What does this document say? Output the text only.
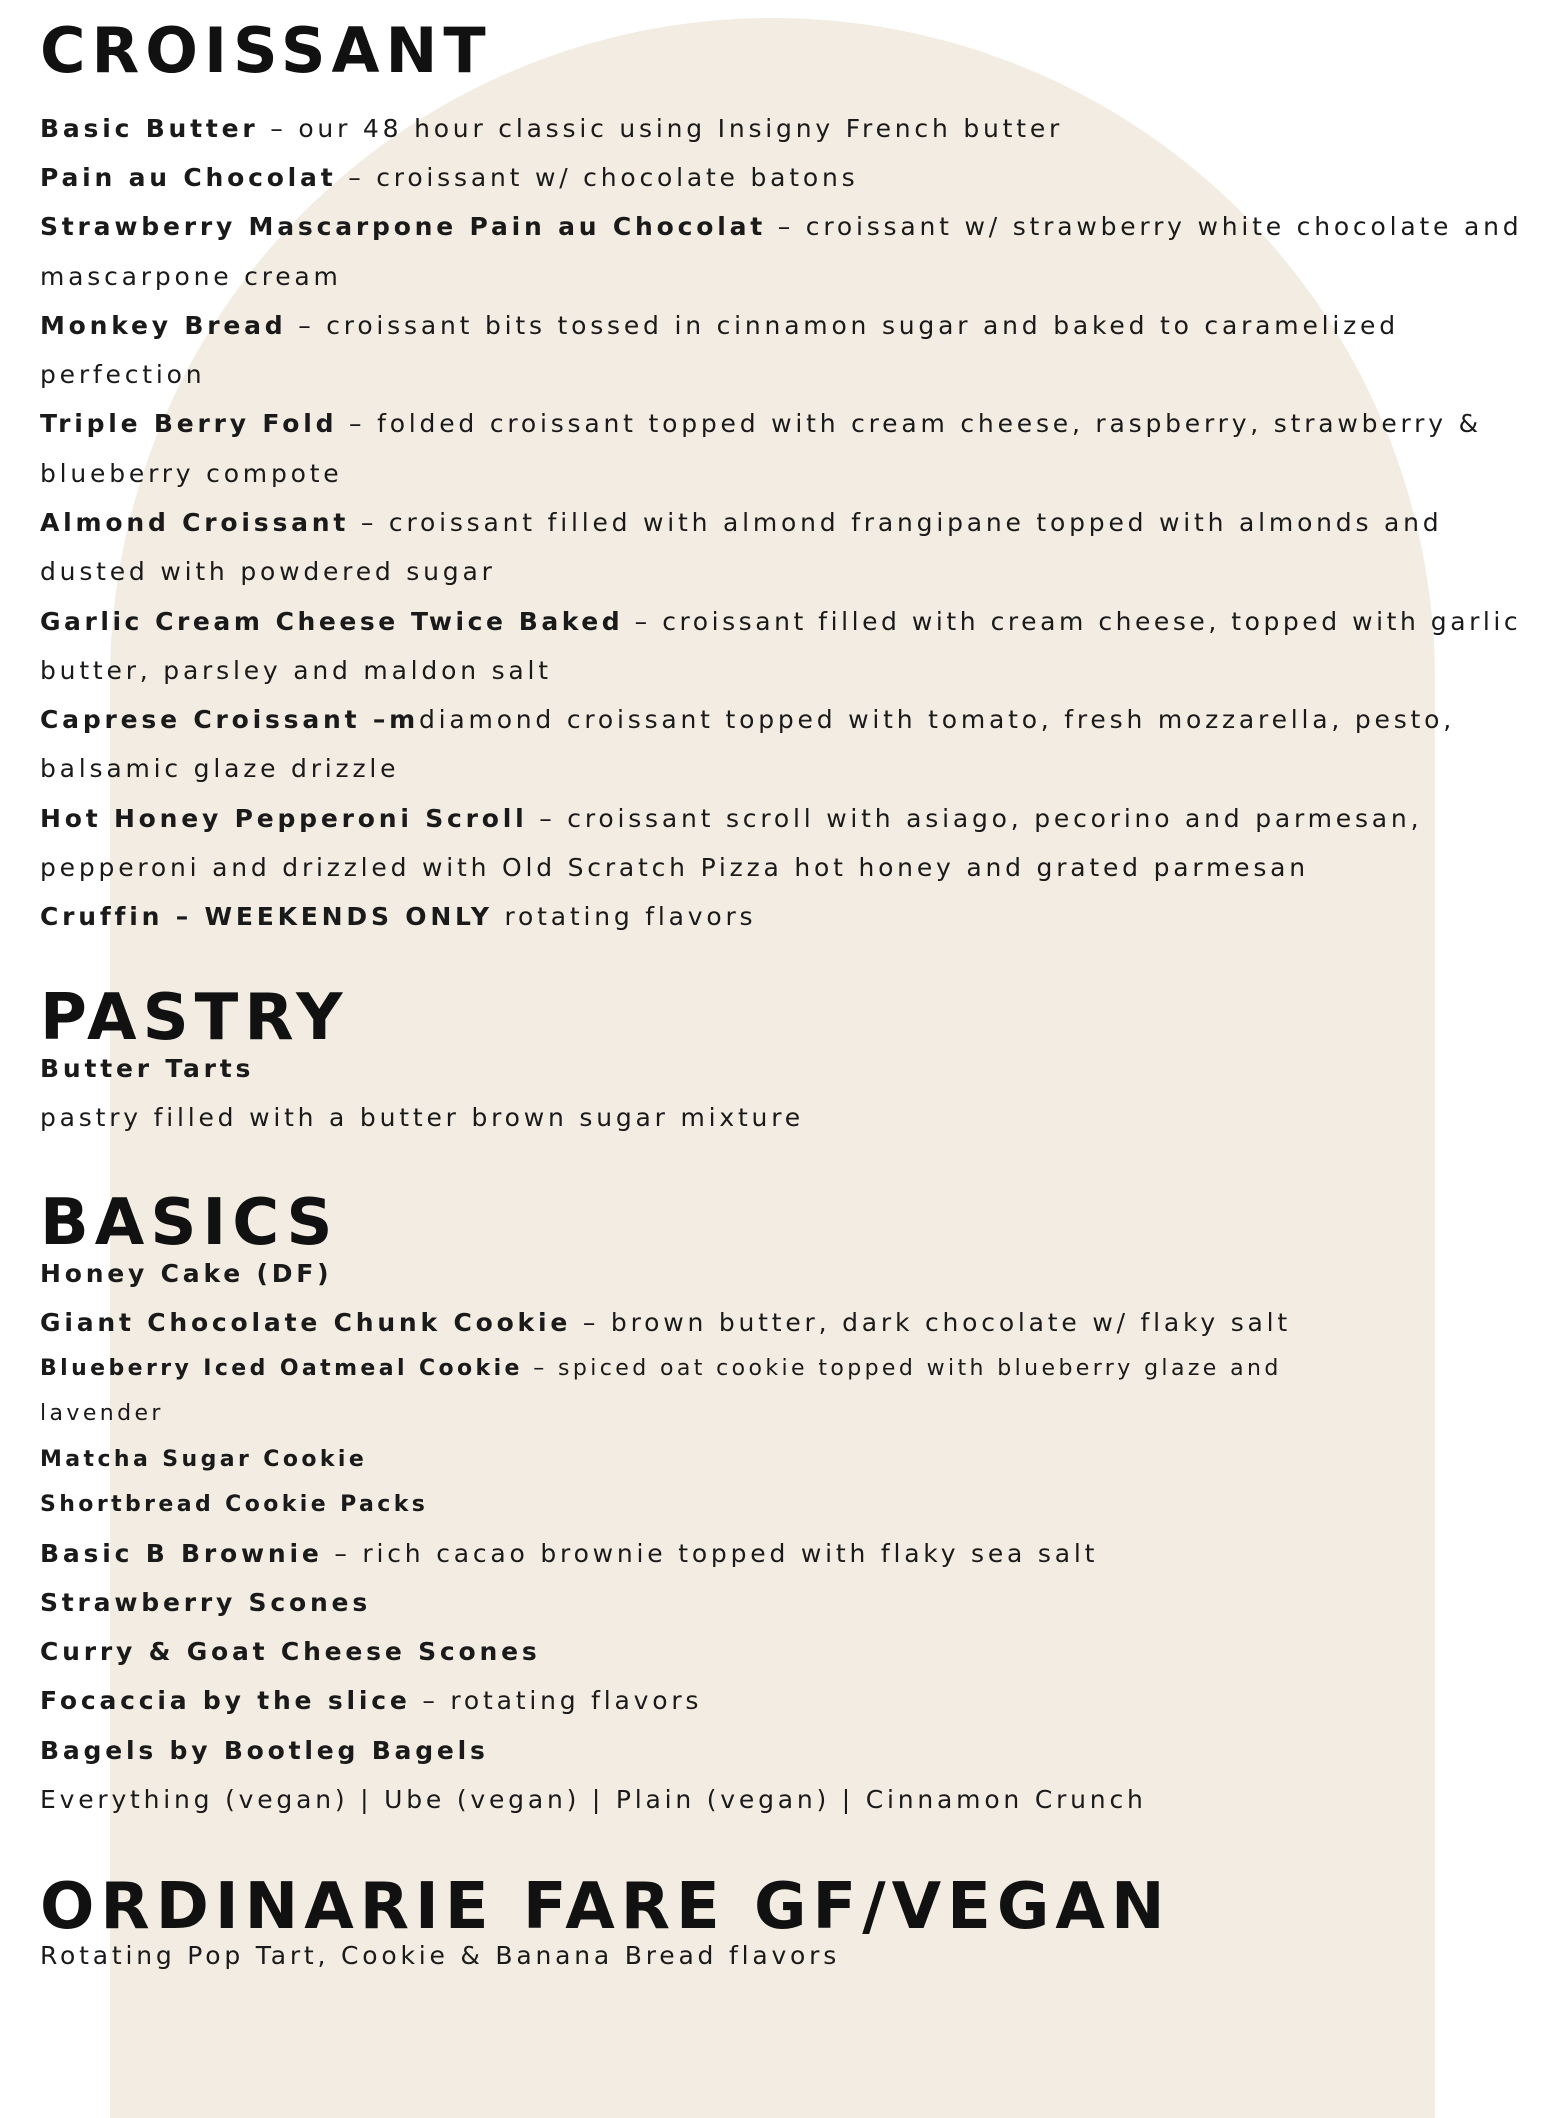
CROISSANT

Basic Butter – our 48 hour classic using Insigny French butter

Pain au Chocolat – croissant w/ chocolate batons

Strawberry Mascarpone Pain au Chocolat – croissant w/ strawberry white chocolate and

mascarpone cream

Monkey Bread – croissant bits tossed in cinnamon sugar and baked to caramelized

perfection

Triple Berry Fold – folded croissant topped with cream cheese, raspberry, strawberry &

blueberry compote

Almond Croissant – croissant filled with almond frangipane topped with almonds and

dusted with powdered sugar

Garlic Cream Cheese Twice Baked – croissant filled with cream cheese, topped with garlic

butter, parsley and maldon salt

Caprese Croissant –mdiamond croissant topped with tomato, fresh mozzarella, pesto,

balsamic glaze drizzle

Hot Honey Pepperoni Scroll – croissant scroll with asiago, pecorino and parmesan,

pepperoni and drizzled with Old Scratch Pizza hot honey and grated parmesan

Cruffin – WEEKENDS ONLY rotating flavors

PASTRY

Butter Tarts

pastry filled with a butter brown sugar mixture

BASICS

Honey Cake (DF)

Giant Chocolate Chunk Cookie – brown butter, dark chocolate w/ flaky salt

Blueberry Iced Oatmeal Cookie – spiced oat cookie topped with blueberry glaze and

lavender

Matcha Sugar Cookie

Shortbread Cookie Packs

Basic B Brownie – rich cacao brownie topped with flaky sea salt

Strawberry Scones

Curry & Goat Cheese Scones

Focaccia by the slice – rotating flavors

Bagels by Bootleg Bagels

Everything (vegan) | Ube (vegan) | Plain (vegan) | Cinnamon Crunch

ORDINARIE FARE GF/VEGAN

Rotating Pop Tart, Cookie & Banana Bread flavors
